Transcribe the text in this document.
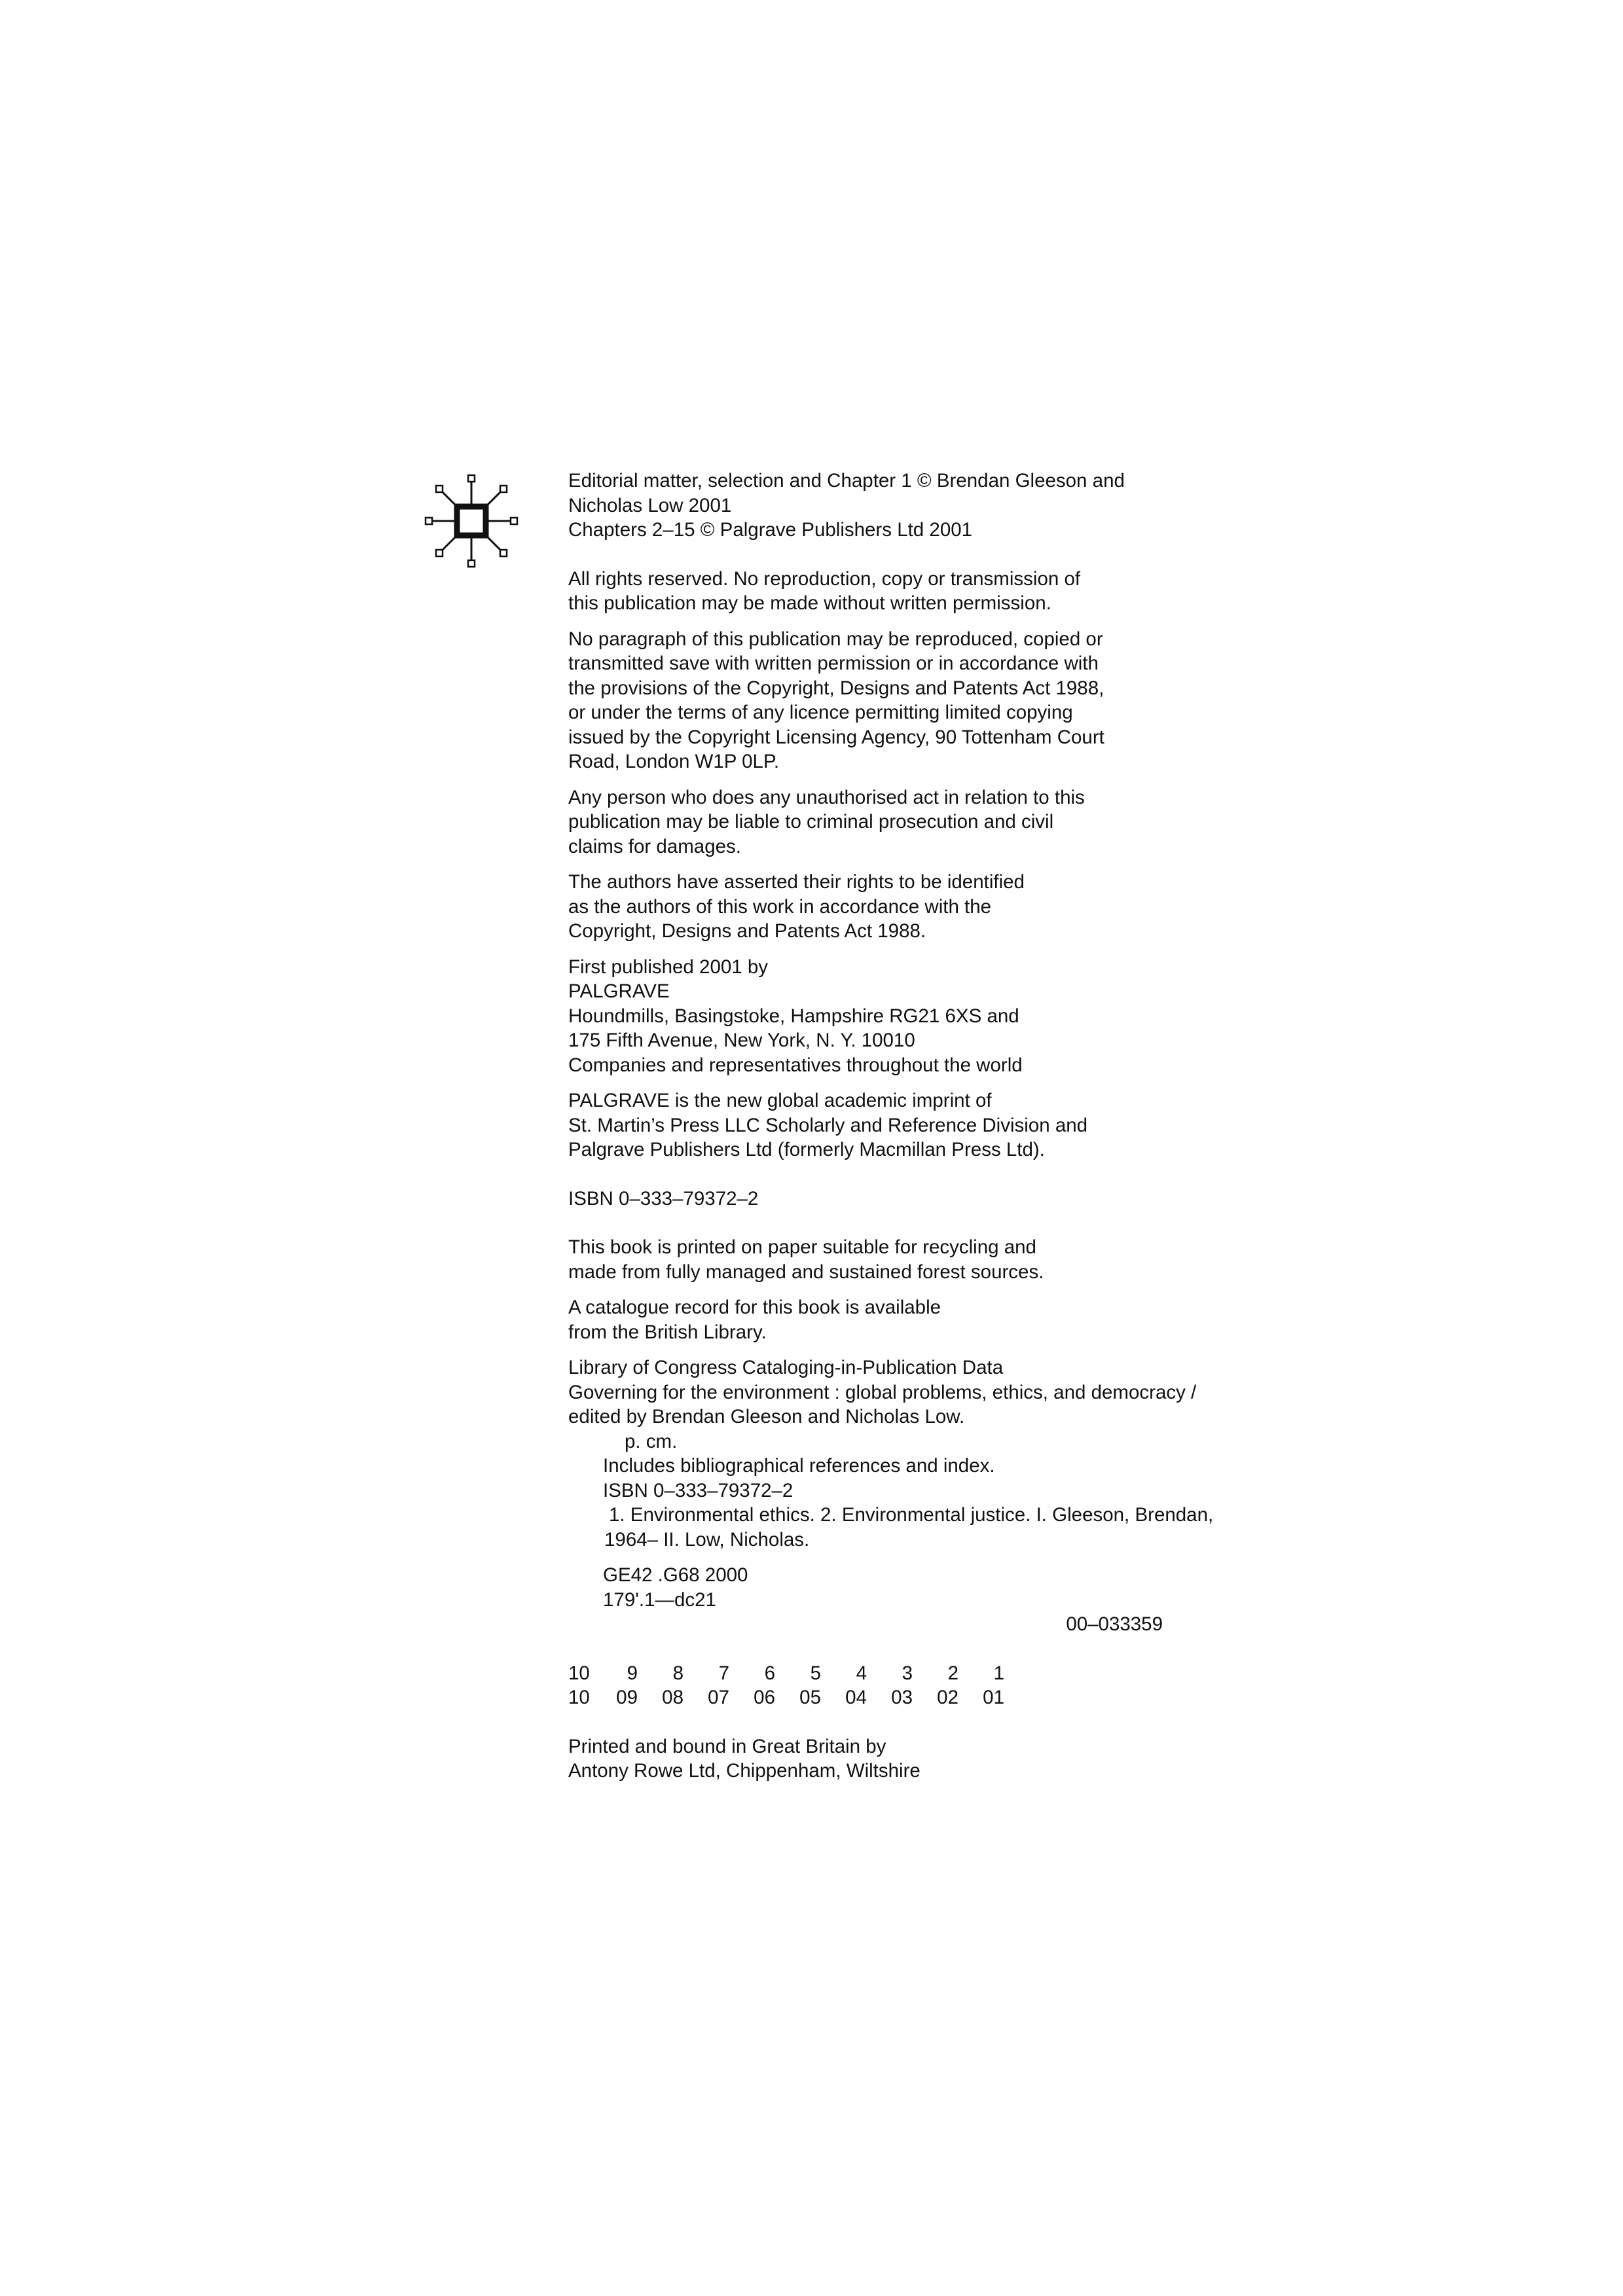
Editorial matter, selection and Chapter 1 © Brendan Gleeson and

Nicholas Low 2001

Chapters 2–15 © Palgrave Publishers Ltd 2001

All rights reserved. No reproduction, copy or transmission of

this publication may be made without written permission.

No paragraph of this publication may be reproduced, copied or

transmitted save with written permission or in accordance with

the provisions of the Copyright, Designs and Patents Act 1988,

or under the terms of any licence permitting limited copying

issued by the Copyright Licensing Agency, 90 Tottenham Court

Road, London W1P 0LP.

Any person who does any unauthorised act in relation to this

publication may be liable to criminal prosecution and civil

claims for damages.

The authors have asserted their rights to be identified

as the authors of this work in accordance with the

Copyright, Designs and Patents Act 1988.

First published 2001 by

PALGRAVE

Houndmills, Basingstoke, Hampshire RG21 6XS and

175 Fifth Avenue, New York, N. Y. 10010

Companies and representatives throughout the world

PALGRAVE is the new global academic imprint of

St. Martin’s Press LLC Scholarly and Reference Division and

Palgrave Publishers Ltd (formerly Macmillan Press Ltd).

ISBN 0–333–79372–2

This book is printed on paper suitable for recycling and

made from fully managed and sustained forest sources.

A catalogue record for this book is available

from the British Library.

Library of Congress Cataloging-in-Publication Data

Governing for the environment : global problems, ethics, and democracy /

edited by Brendan Gleeson and Nicholas Low.

p. cm.

Includes bibliographical references and index.

ISBN 0–333–79372–2

1. Environmental ethics. 2. Environmental justice. I. Gleeson, Brendan,

1964– II. Low, Nicholas.

GE42 .G68 2000

179'.1—dc21

00–033359
10	9	8	7	6	5	4	3	2	1
10	09	08	07	06	05	04	03	02	01

Printed and bound in Great Britain by

Antony Rowe Ltd, Chippenham, Wiltshire
